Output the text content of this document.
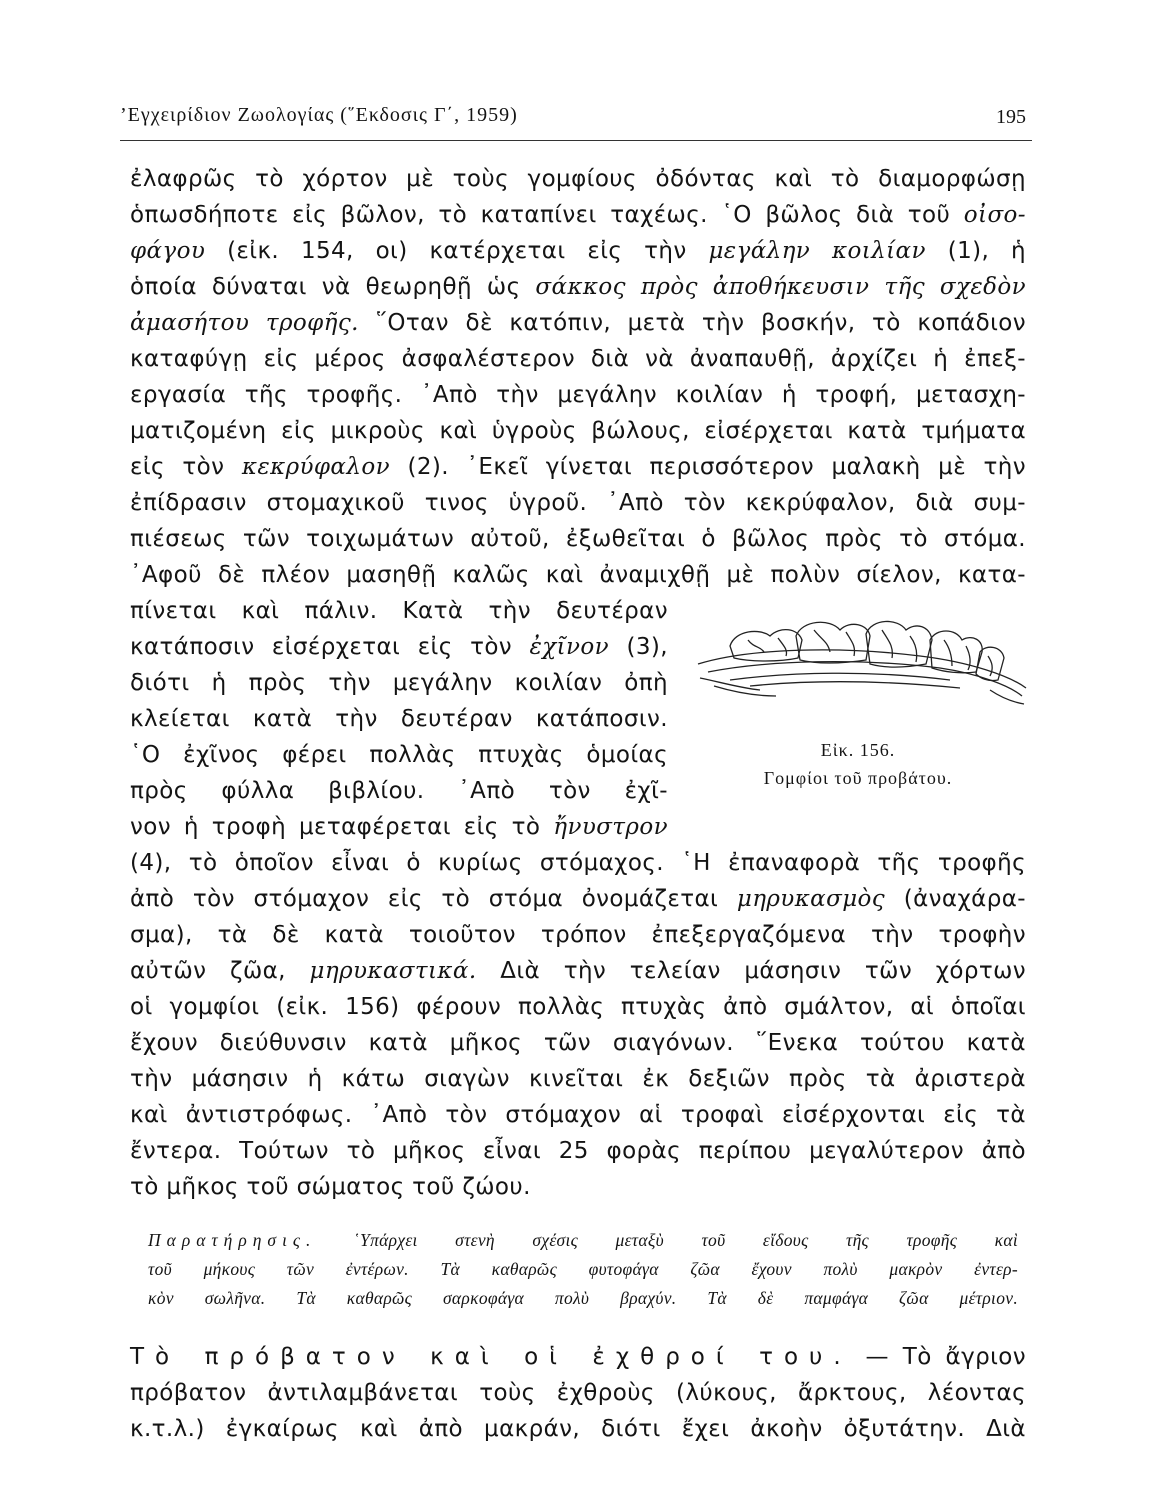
’Εγχειρίδιον Ζωολογίας (῞Εκδοσις Γ΄, 1959)	195
ἐλαφρῶς τὸ χόρτον μὲ τοὺς γομφίους ὀδόντας καὶ τὸ διαμορφώσῃ
ὁπωσδήποτε εἰς βῶλον, τὸ καταπίνει ταχέως. ῾Ο βῶλος διὰ τοῦ οἰσο-
φάγου (εἰκ. 154, οι) κατέρχεται εἰς τὴν μεγάλην κοιλίαν (1), ἡ
ὁποία δύναται νὰ θεωρηθῇ ὡς σάκκος πρὸς ἀποθήκευσιν τῆς σχεδὸν
ἀμασήτου τροφῆς. ῞Οταν δὲ κατόπιν, μετὰ τὴν βοσκήν, τὸ κοπάδιον
καταφύγῃ εἰς μέρος ἀσφαλέστερον διὰ νὰ ἀναπαυθῇ, ἀρχίζει ἡ ἐπεξ-
εργασία τῆς τροφῆς. ᾽Απὸ τὴν μεγάλην κοιλίαν ἡ τροφή, μετασχη-
ματιζομένη εἰς μικροὺς καὶ ὑγροὺς βώλους, εἰσέρχεται κατὰ τμήματα
εἰς τὸν κεκρύφαλον (2). ᾽Εκεῖ γίνεται περισσότερον μαλακὴ μὲ τὴν
ἐπίδρασιν στομαχικοῦ τινος ὑγροῦ. ᾽Απὸ τὸν κεκρύφαλον, διὰ συμ-
πιέσεως τῶν τοιχωμάτων αὐτοῦ, ἐξωθεῖται ὁ βῶλος πρὸς τὸ στόμα.
᾽Αφοῦ δὲ πλέον μασηθῇ καλῶς καὶ ἀναμιχθῇ μὲ πολὺν σίελον, κατα-
πίνεται καὶ πάλιν. Κατὰ τὴν δευτέραν
κατάποσιν εἰσέρχεται εἰς τὸν ἐχῖνον (3),
διότι ἡ πρὸς τὴν μεγάλην κοιλίαν ὀπὴ
κλείεται κατὰ τὴν δευτέραν κατάποσιν.
῾Ο ἐχῖνος φέρει πολλὰς πτυχὰς ὁμοίας
πρὸς φύλλα βιβλίου. ᾽Απὸ τὸν ἐχῖ-
νον ἡ τροφὴ μεταφέρεται εἰς τὸ ἤνυστρον
Εἰκ. 156.
Γομφίοι τοῦ προβάτου.
(4), τὸ ὁποῖον εἶναι ὁ κυρίως στόμαχος. ῾Η ἐπαναφορὰ τῆς τροφῆς
ἀπὸ τὸν στόμαχον εἰς τὸ στόμα ὀνομάζεται μηρυκασμὸς (ἀναχάρα-
σμα), τὰ δὲ κατὰ τοιοῦτον τρόπον ἐπεξεργαζόμενα τὴν τροφὴν
αὐτῶν ζῶα, μηρυκαστικά. Διὰ τὴν τελείαν μάσησιν τῶν χόρτων
οἱ γομφίοι (εἰκ. 156) φέρουν πολλὰς πτυχὰς ἀπὸ σμάλτον, αἱ ὁποῖαι
ἔχουν διεύθυνσιν κατὰ μῆκος τῶν σιαγόνων. ῞Ενεκα τούτου κατὰ
τὴν μάσησιν ἡ κάτω σιαγὼν κινεῖται ἐκ δεξιῶν πρὸς τὰ ἀριστερὰ
καὶ ἀντιστρόφως. ᾽Απὸ τὸν στόμαχον αἱ τροφαὶ εἰσέρχονται εἰς τὰ
ἔντερα. Τούτων τὸ μῆκος εἶναι 25 φορὰς περίπου μεγαλύτερον ἀπὸ
τὸ μῆκος τοῦ σώματος τοῦ ζώου.
Παρατήρησις. ῾Υπάρχει στενὴ σχέσις μεταξὺ τοῦ εἴδους τῆς τροφῆς καὶ
τοῦ μήκους τῶν ἐντέρων. Τὰ καθαρῶς φυτοφάγα ζῶα ἔχουν πολὺ μακρὸν ἐντερ-
κὸν σωλῆνα. Τὰ καθαρῶς σαρκοφάγα πολὺ βραχύν. Τὰ δὲ παμφάγα ζῶα μέτριον.
Τὸ πρόβατον καὶ οἱ ἐχθροί του. — Τὸ ἄγριον
πρόβατον ἀντιλαμβάνεται τοὺς ἐχθροὺς (λύκους, ἄρκτους, λέοντας
κ.τ.λ.) ἐγκαίρως καὶ ἀπὸ μακράν, διότι ἔχει ἀκοὴν ὀξυτάτην. Διὰ
